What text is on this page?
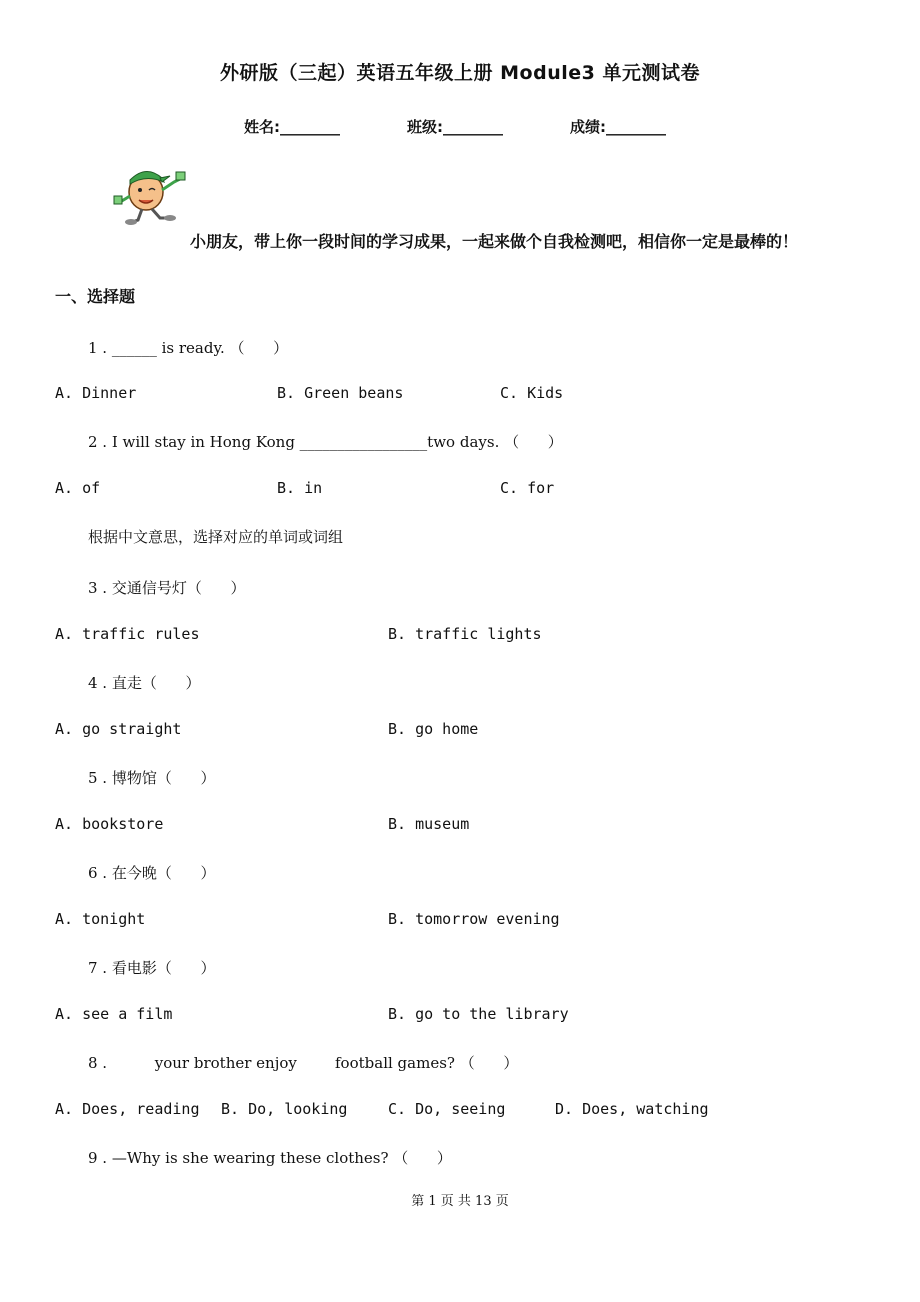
外研版（三起）英语五年级上册 Module3 单元测试卷
姓名:________	班级:________	成绩:________
小朋友，带上你一段时间的学习成果，一起来做个自我检测吧，相信你一定是最棒的！
一、选择题
1 . ______ is ready. （      ）
A. Dinner	B. Green beans	C. Kids
2 . I will stay in Hong Kong _________________two days. （      ）
A. of	B. in	C. for
根据中文意思，选择对应的单词或词组
3 . 交通信号灯（      ）
A. traffic rules	B. traffic lights
4 . 直走（      ）
A. go straight	B. go home
5 . 博物馆（      ）
A. bookstore	B. museum
6 . 在今晚（      ）
A. tonight	B. tomorrow evening
7 . 看电影（      ）
A. see a film	B. go to the library
8 .          your brother enjoy        football games? （      ）
A. Does, reading B. Do, looking	C. Do, seeing	D. Does, watching
9 . —Why is she wearing these clothes? （      ）
第 1 页 共 13 页
